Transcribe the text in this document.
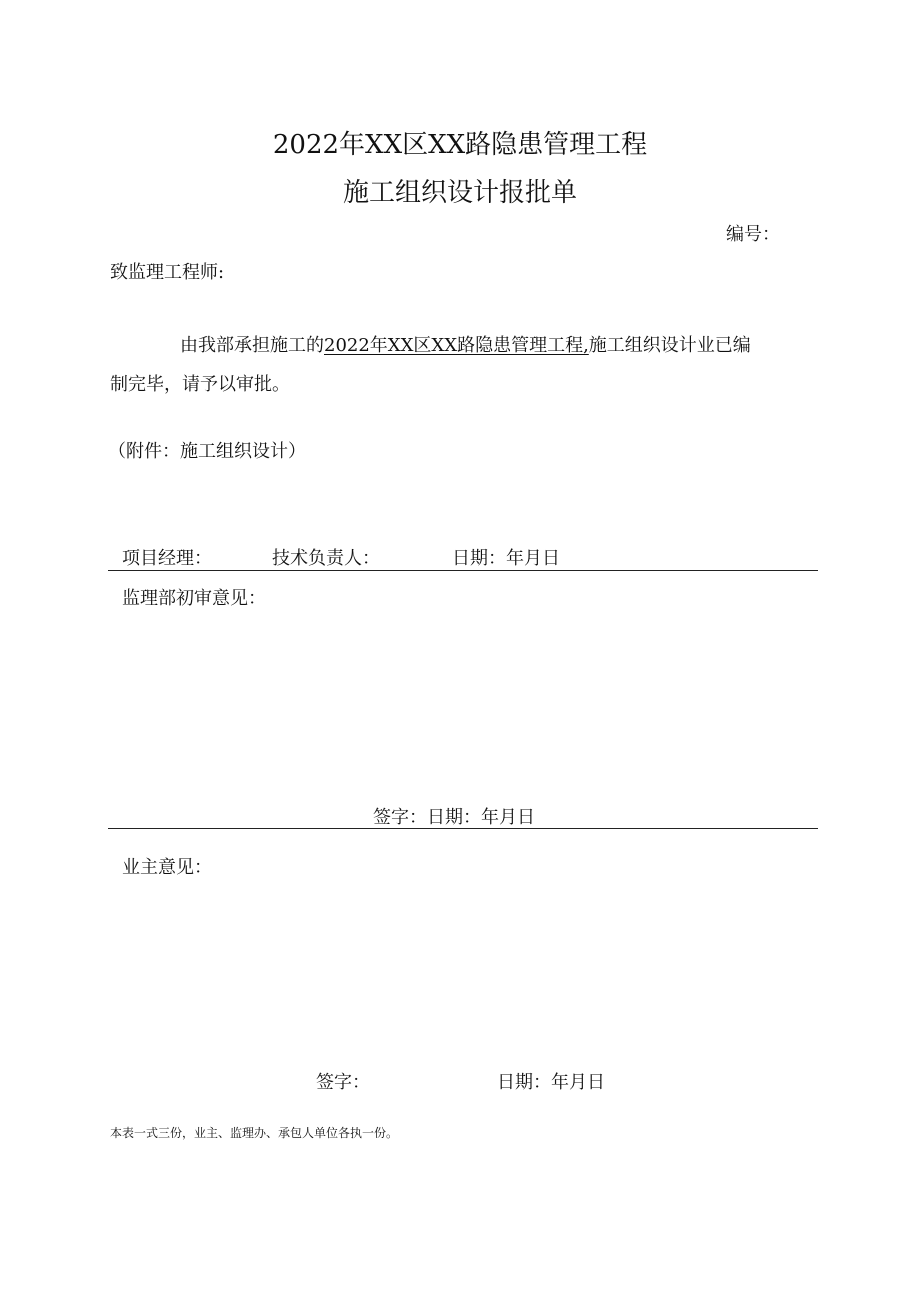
2022年XX区XX路隐患管理工程
施工组织设计报批单
编号：
致监理工程师:
由我部承担施工的2022年XX区XX路隐患管理工程,施工组织设计业已编
制完毕，请予以审批。
（附件：施工组织设计）
项目经理：	技术负责人：	日期：年月日
监理部初审意见：
签字：日期：年月日
业主意见：
签字：	日期：年月日
本表一式三份，业主、监理办、承包人单位各执一份。
